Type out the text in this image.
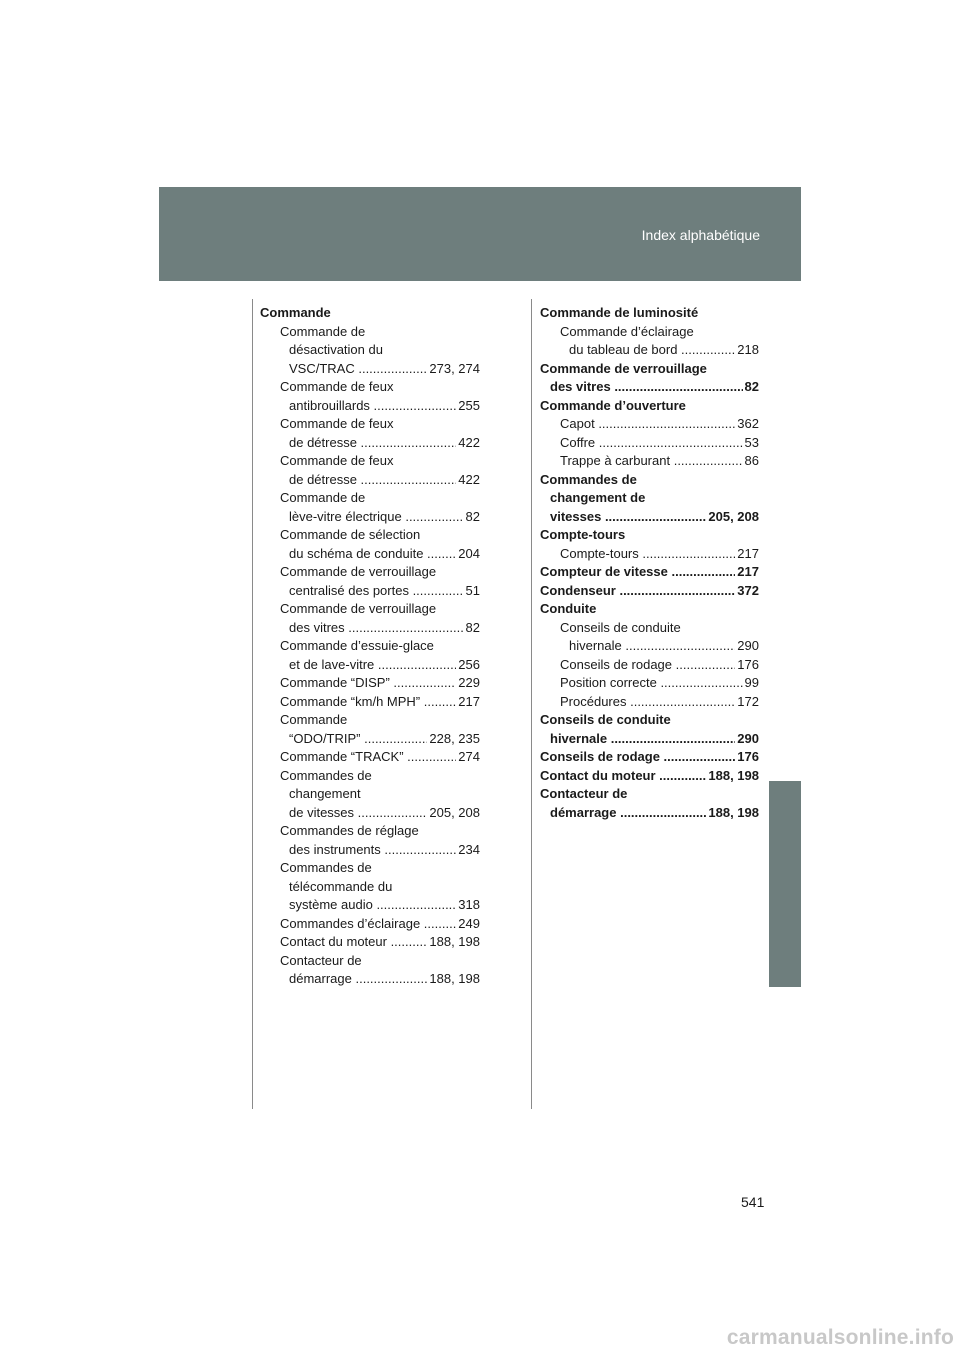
Index alphabétique
Commande
Commande de
désactivation du
VSC/TRAC .....	273, 274
Commande de feux
antibrouillards .....	255
Commande de feux
de détresse .....	422
Commande de feux
de détresse .....	422
Commande de
lève-vitre électrique .....	82
Commande de sélection
du schéma de conduite .....	204
Commande de verrouillage
centralisé des portes .....	51
Commande de verrouillage
des vitres .....	82
Commande d’essuie-glace
et de lave-vitre .....	256
Commande “DISP” .....	229
Commande “km/h MPH” .....	217
Commande
“ODO/TRIP” .....	228, 235
Commande “TRACK” .....	274
Commandes de
changement
de vitesses .....	205, 208
Commandes de réglage
des instruments .....	234
Commandes de
télécommande du
système audio .....	318
Commandes d’éclairage .....	249
Contact du moteur .....	188, 198
Contacteur de
démarrage .....	188, 198
Commande de luminosité
Commande d’éclairage
du tableau de bord .....	218
Commande de verrouillage
des vitres .....	82
Commande d’ouverture
Capot .....	362
Coffre .....	53
Trappe à carburant .....	86
Commandes de
changement de
vitesses .....	205, 208
Compte-tours
Compte-tours .....	217
Compteur de vitesse .....	217
Condenseur .....	372
Conduite
Conseils de conduite
hivernale .....	290
Conseils de rodage .....	176
Position correcte .....	99
Procédures .....	172
Conseils de conduite
hivernale .....	290
Conseils de rodage .....	176
Contact du moteur .....	188, 198
Contacteur de
démarrage .....	188, 198
541
carmanualsonline.info
